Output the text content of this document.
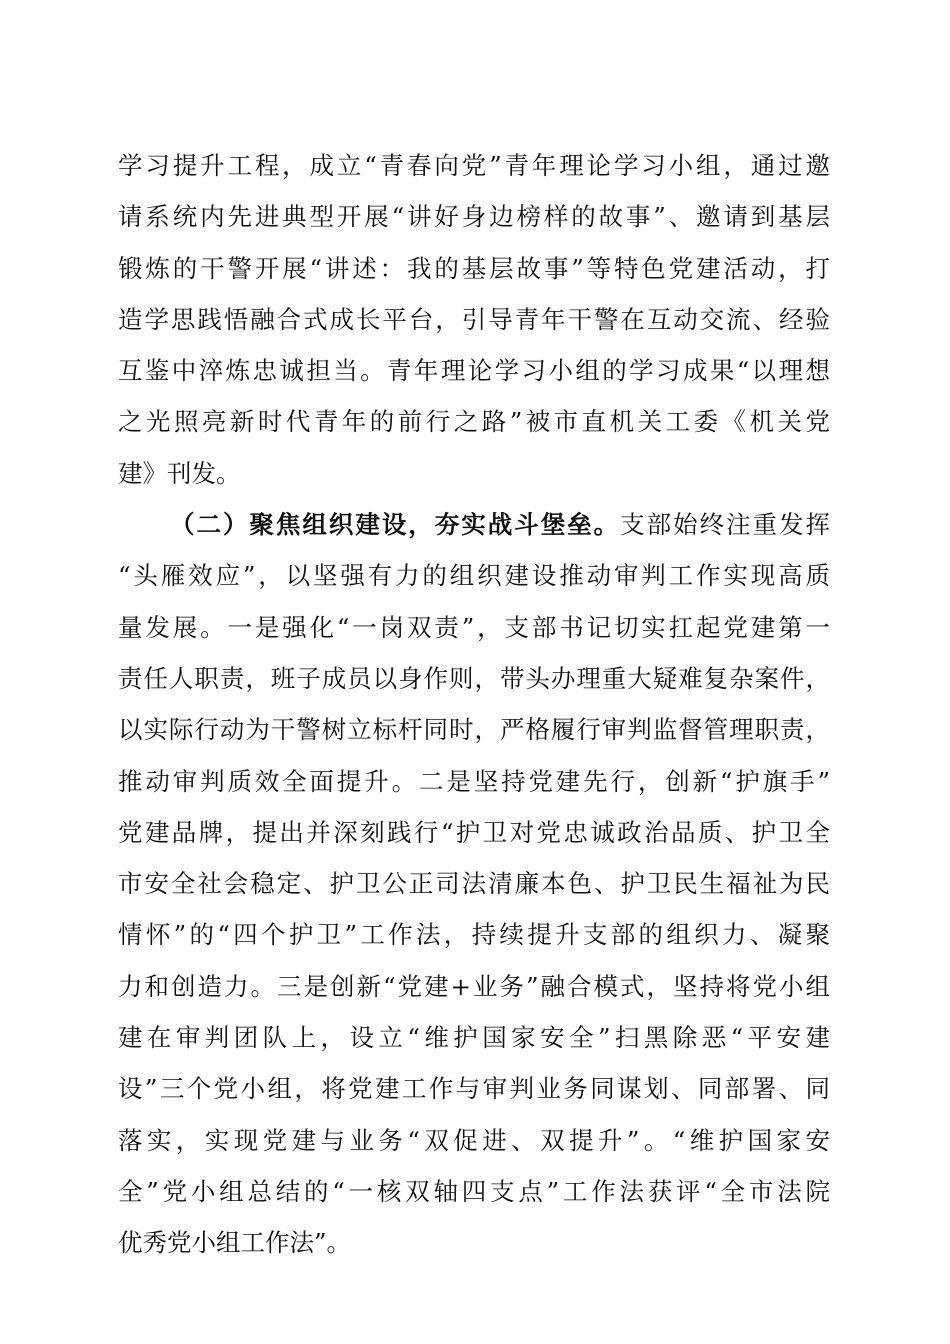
学习提升工程，成立“青春向党”青年理论学习小组，通过邀
请系统内先进典型开展“讲好身边榜样的故事”、邀请到基层
锻炼的干警开展“讲述：我的基层故事”等特色党建活动，打
造学思践悟融合式成长平台，引导青年干警在互动交流、经验
互鉴中淬炼忠诚担当。青年理论学习小组的学习成果“以理想
之光照亮新时代青年的前行之路”被市直机关工委《机关党
建》刊发。
（二）聚焦组织建设，夯实战斗堡垒。支部始终注重发挥
“头雁效应”，以坚强有力的组织建设推动审判工作实现高质
量发展。一是强化“一岗双责”，支部书记切实扛起党建第一
责任人职责，班子成员以身作则，带头办理重大疑难复杂案件，
以实际行动为干警树立标杆同时，严格履行审判监督管理职责，
推动审判质效全面提升。二是坚持党建先行，创新“护旗手”
党建品牌，提出并深刻践行“护卫对党忠诚政治品质、护卫全
市安全社会稳定、护卫公正司法清廉本色、护卫民生福祉为民
情怀”的“四个护卫”工作法，持续提升支部的组织力、凝聚
力和创造力。三是创新“党建+业务”融合模式，坚持将党小组
建在审判团队上，设立“维护国家安全”扫黑除恶“平安建
设”三个党小组，将党建工作与审判业务同谋划、同部署、同
落实，实现党建与业务“双促进、双提升”。“维护国家安
全”党小组总结的“一核双轴四支点”工作法获评“全市法院
优秀党小组工作法”。
